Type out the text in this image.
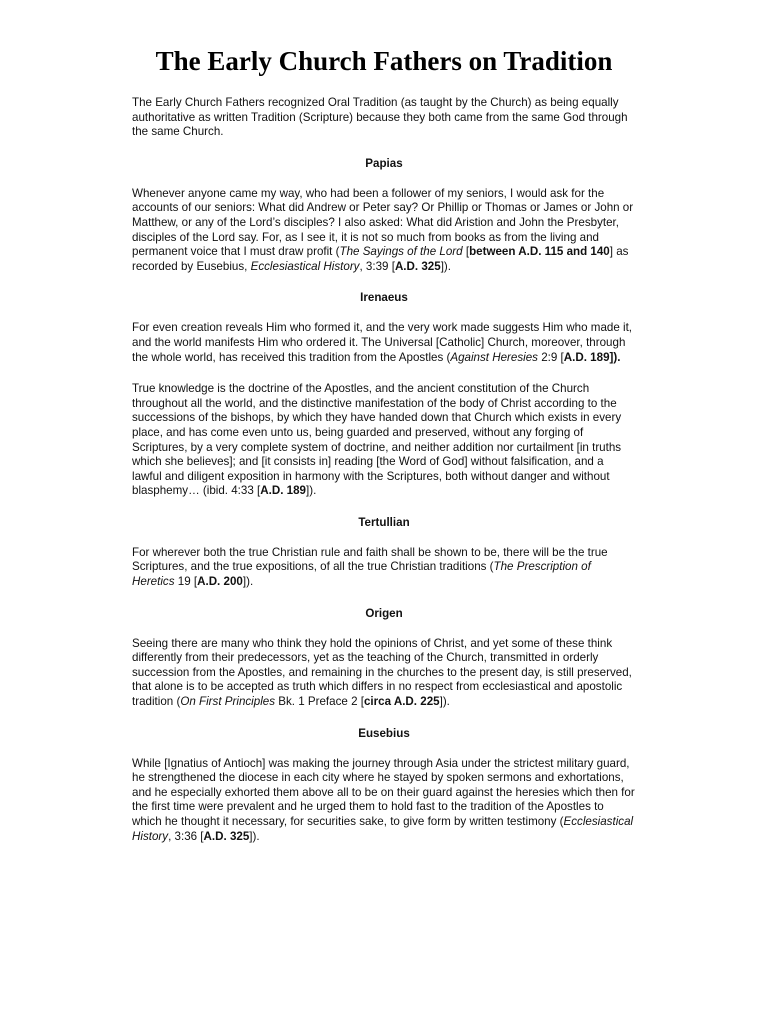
The Early Church Fathers on Tradition

The Early Church Fathers recognized Oral Tradition (as taught by the Church) as being equally authoritative as written Tradition (Scripture) because they both came from the same God through the same Church.

Papias

Whenever anyone came my way, who had been a follower of my seniors, I would ask for the accounts of our seniors: What did Andrew or Peter say? Or Phillip or Thomas or James or John or Matthew, or any of the Lord’s disciples? I also asked: What did Aristion and John the Presbyter, disciples of the Lord say. For, as I see it, it is not so much from books as from the living and permanent voice that I must draw profit (The Sayings of the Lord [between A.D. 115 and 140] as recorded by Eusebius, Ecclesiastical History, 3:39 [A.D. 325]).

Irenaeus

For even creation reveals Him who formed it, and the very work made suggests Him who made it, and the world manifests Him who ordered it. The Universal [Catholic] Church, moreover, through the whole world, has received this tradition from the Apostles (Against Heresies 2:9 [A.D. 189]).

True knowledge is the doctrine of the Apostles, and the ancient constitution of the Church throughout all the world, and the distinctive manifestation of the body of Christ according to the successions of the bishops, by which they have handed down that Church which exists in every place, and has come even unto us, being guarded and preserved, without any forging of Scriptures, by a very complete system of doctrine, and neither addition nor curtailment [in truths which she believes]; and [it consists in] reading [the Word of God] without falsification, and a lawful and diligent exposition in harmony with the Scriptures, both without danger and without blasphemy… (ibid. 4:33 [A.D. 189]).

Tertullian

For wherever both the true Christian rule and faith shall be shown to be, there will be the true Scriptures, and the true expositions, of all the true Christian traditions (The Prescription of Heretics 19 [A.D. 200]).

Origen

Seeing there are many who think they hold the opinions of Christ, and yet some of these think differently from their predecessors, yet as the teaching of the Church, transmitted in orderly succession from the Apostles, and remaining in the churches to the present day, is still preserved, that alone is to be accepted as truth which differs in no respect from ecclesiastical and apostolic tradition (On First Principles Bk. 1 Preface 2 [circa A.D. 225]).

Eusebius

While [Ignatius of Antioch] was making the journey through Asia under the strictest military guard, he strengthened the diocese in each city where he stayed by spoken sermons and exhortations, and he especially exhorted them above all to be on their guard against the heresies which then for the first time were prevalent and he urged them to hold fast to the tradition of the Apostles to which he thought it necessary, for securities sake, to give form by written testimony (Ecclesiastical History, 3:36 [A.D. 325]).
